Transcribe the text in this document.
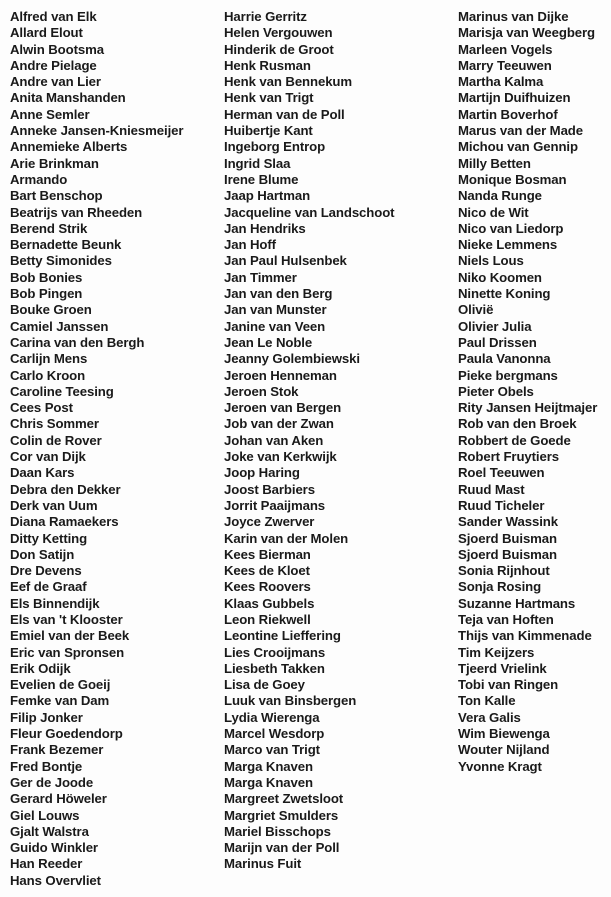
Alfred van Elk
Allard Elout
Alwin Bootsma
Andre Pielage
Andre van Lier
Anita Manshanden
Anne Semler
Anneke Jansen-Kniesmeijer
Annemieke Alberts
Arie Brinkman
Armando
Bart Benschop
Beatrijs van Rheeden
Berend Strik
Bernadette Beunk
Betty Simonides
Bob Bonies
Bob Pingen
Bouke Groen
Camiel Janssen
Carina van den Bergh
Carlijn Mens
Carlo Kroon
Caroline Teesing
Cees Post
Chris Sommer
Colin de Rover
Cor van Dijk
Daan Kars
Debra den Dekker
Derk van Uum
Diana Ramaekers
Ditty Ketting
Don Satijn
Dre Devens
Eef de Graaf
Els Binnendijk
Els van 't Klooster
Emiel van der Beek
Eric van Spronsen
Erik Odijk
Evelien de Goeij
Femke van Dam
Filip Jonker
Fleur Goedendorp
Frank Bezemer
Fred Bontje
Ger de Joode
Gerard Höweler
Giel Louws
Gjalt Walstra
Guido Winkler
Han Reeder
Hans Overvliet
Harrie Gerritz
Helen Vergouwen
Hinderik de Groot
Henk Rusman
Henk van Bennekum
Henk van Trigt
Herman van de Poll
Huibertje Kant
Ingeborg Entrop
Ingrid Slaa
Irene Blume
Jaap Hartman
Jacqueline van Landschoot
Jan Hendriks
Jan Hoff
Jan Paul Hulsenbek
Jan Timmer
Jan van den Berg
Jan van Munster
Janine van Veen
Jean Le Noble
Jeanny Golembiewski
Jeroen Henneman
Jeroen Stok
Jeroen van Bergen
Job van der Zwan
Johan van Aken
Joke van Kerkwijk
Joop Haring
Joost Barbiers
Jorrit Paaijmans
Joyce Zwerver
Karin van der Molen
Kees Bierman
Kees de Kloet
Kees Roovers
Klaas Gubbels
Leon Riekwell
Leontine Lieffering
Lies Crooijmans
Liesbeth Takken
Lisa de Goey
Luuk van Binsbergen
Lydia Wierenga
Marcel Wesdorp
Marco van Trigt
Marga Knaven
Marga Knaven
Margreet Zwetsloot
Margriet Smulders
Mariel Bisschops
Marijn van der Poll
Marinus Fuit
Marinus van Dijke
Marisja van Weegberg
Marleen Vogels
Marry Teeuwen
Martha Kalma
Martijn Duifhuizen
Martin Boverhof
Marus van der Made
Michou van Gennip
Milly Betten
Monique Bosman
Nanda Runge
Nico de Wit
Nico van Liedorp
Nieke Lemmens
Niels Lous
Niko Koomen
Ninette Koning
Olivië
Olivier Julia
Paul Drissen
Paula Vanonna
Pieke bergmans
Pieter Obels
Rity Jansen Heijtmajer
Rob van den Broek
Robbert de Goede
Robert Fruytiers
Roel Teeuwen
Ruud Mast
Ruud Ticheler
Sander Wassink
Sjoerd Buisman
Sjoerd Buisman
Sonia Rijnhout
Sonja Rosing
Suzanne Hartmans
Teja van Hoften
Thijs van Kimmenade
Tim Keijzers
Tjeerd Vrielink
Tobi van Ringen
Ton Kalle
Vera Galis
Wim Biewenga
Wouter Nijland
Yvonne Kragt
